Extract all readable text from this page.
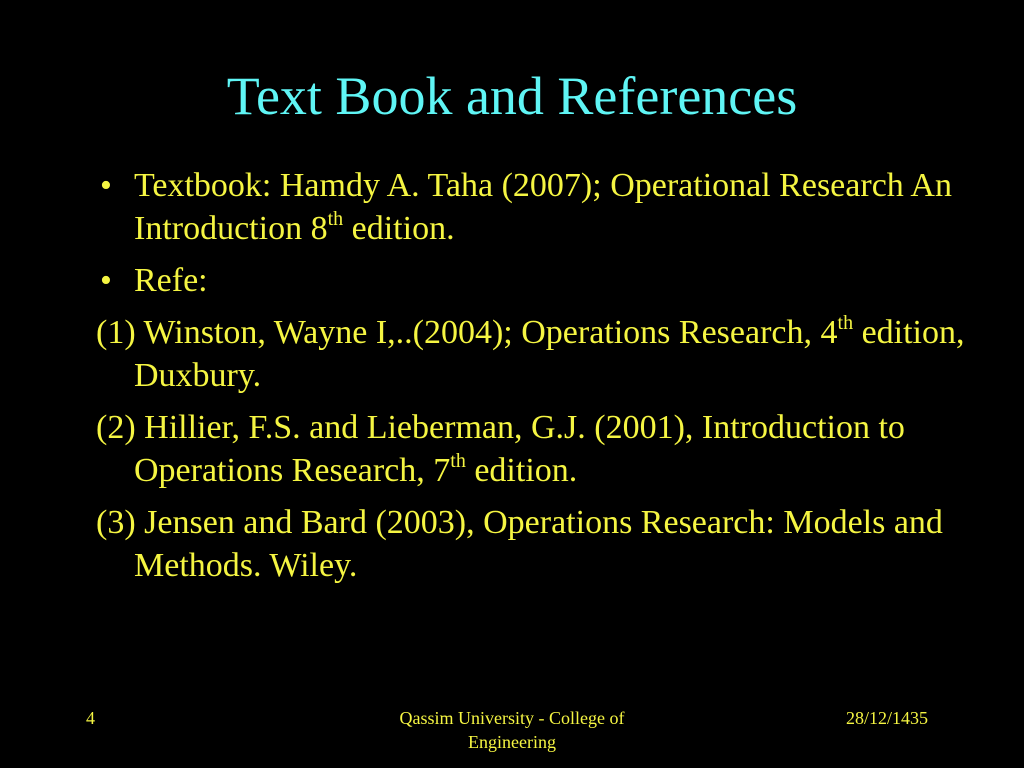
Text Book and References
• Textbook: Hamdy A. Taha (2007); Operational Research An Introduction 8th edition.
• Refe:
(1) Winston, Wayne I,..(2004); Operations Research, 4th edition, Duxbury.
(2) Hillier, F.S. and Lieberman, G.J. (2001), Introduction to Operations Research, 7th edition.
(3) Jensen and Bard (2003), Operations Research: Models and Methods. Wiley.
4	Qassim University - College of Engineering
28/12/1435
